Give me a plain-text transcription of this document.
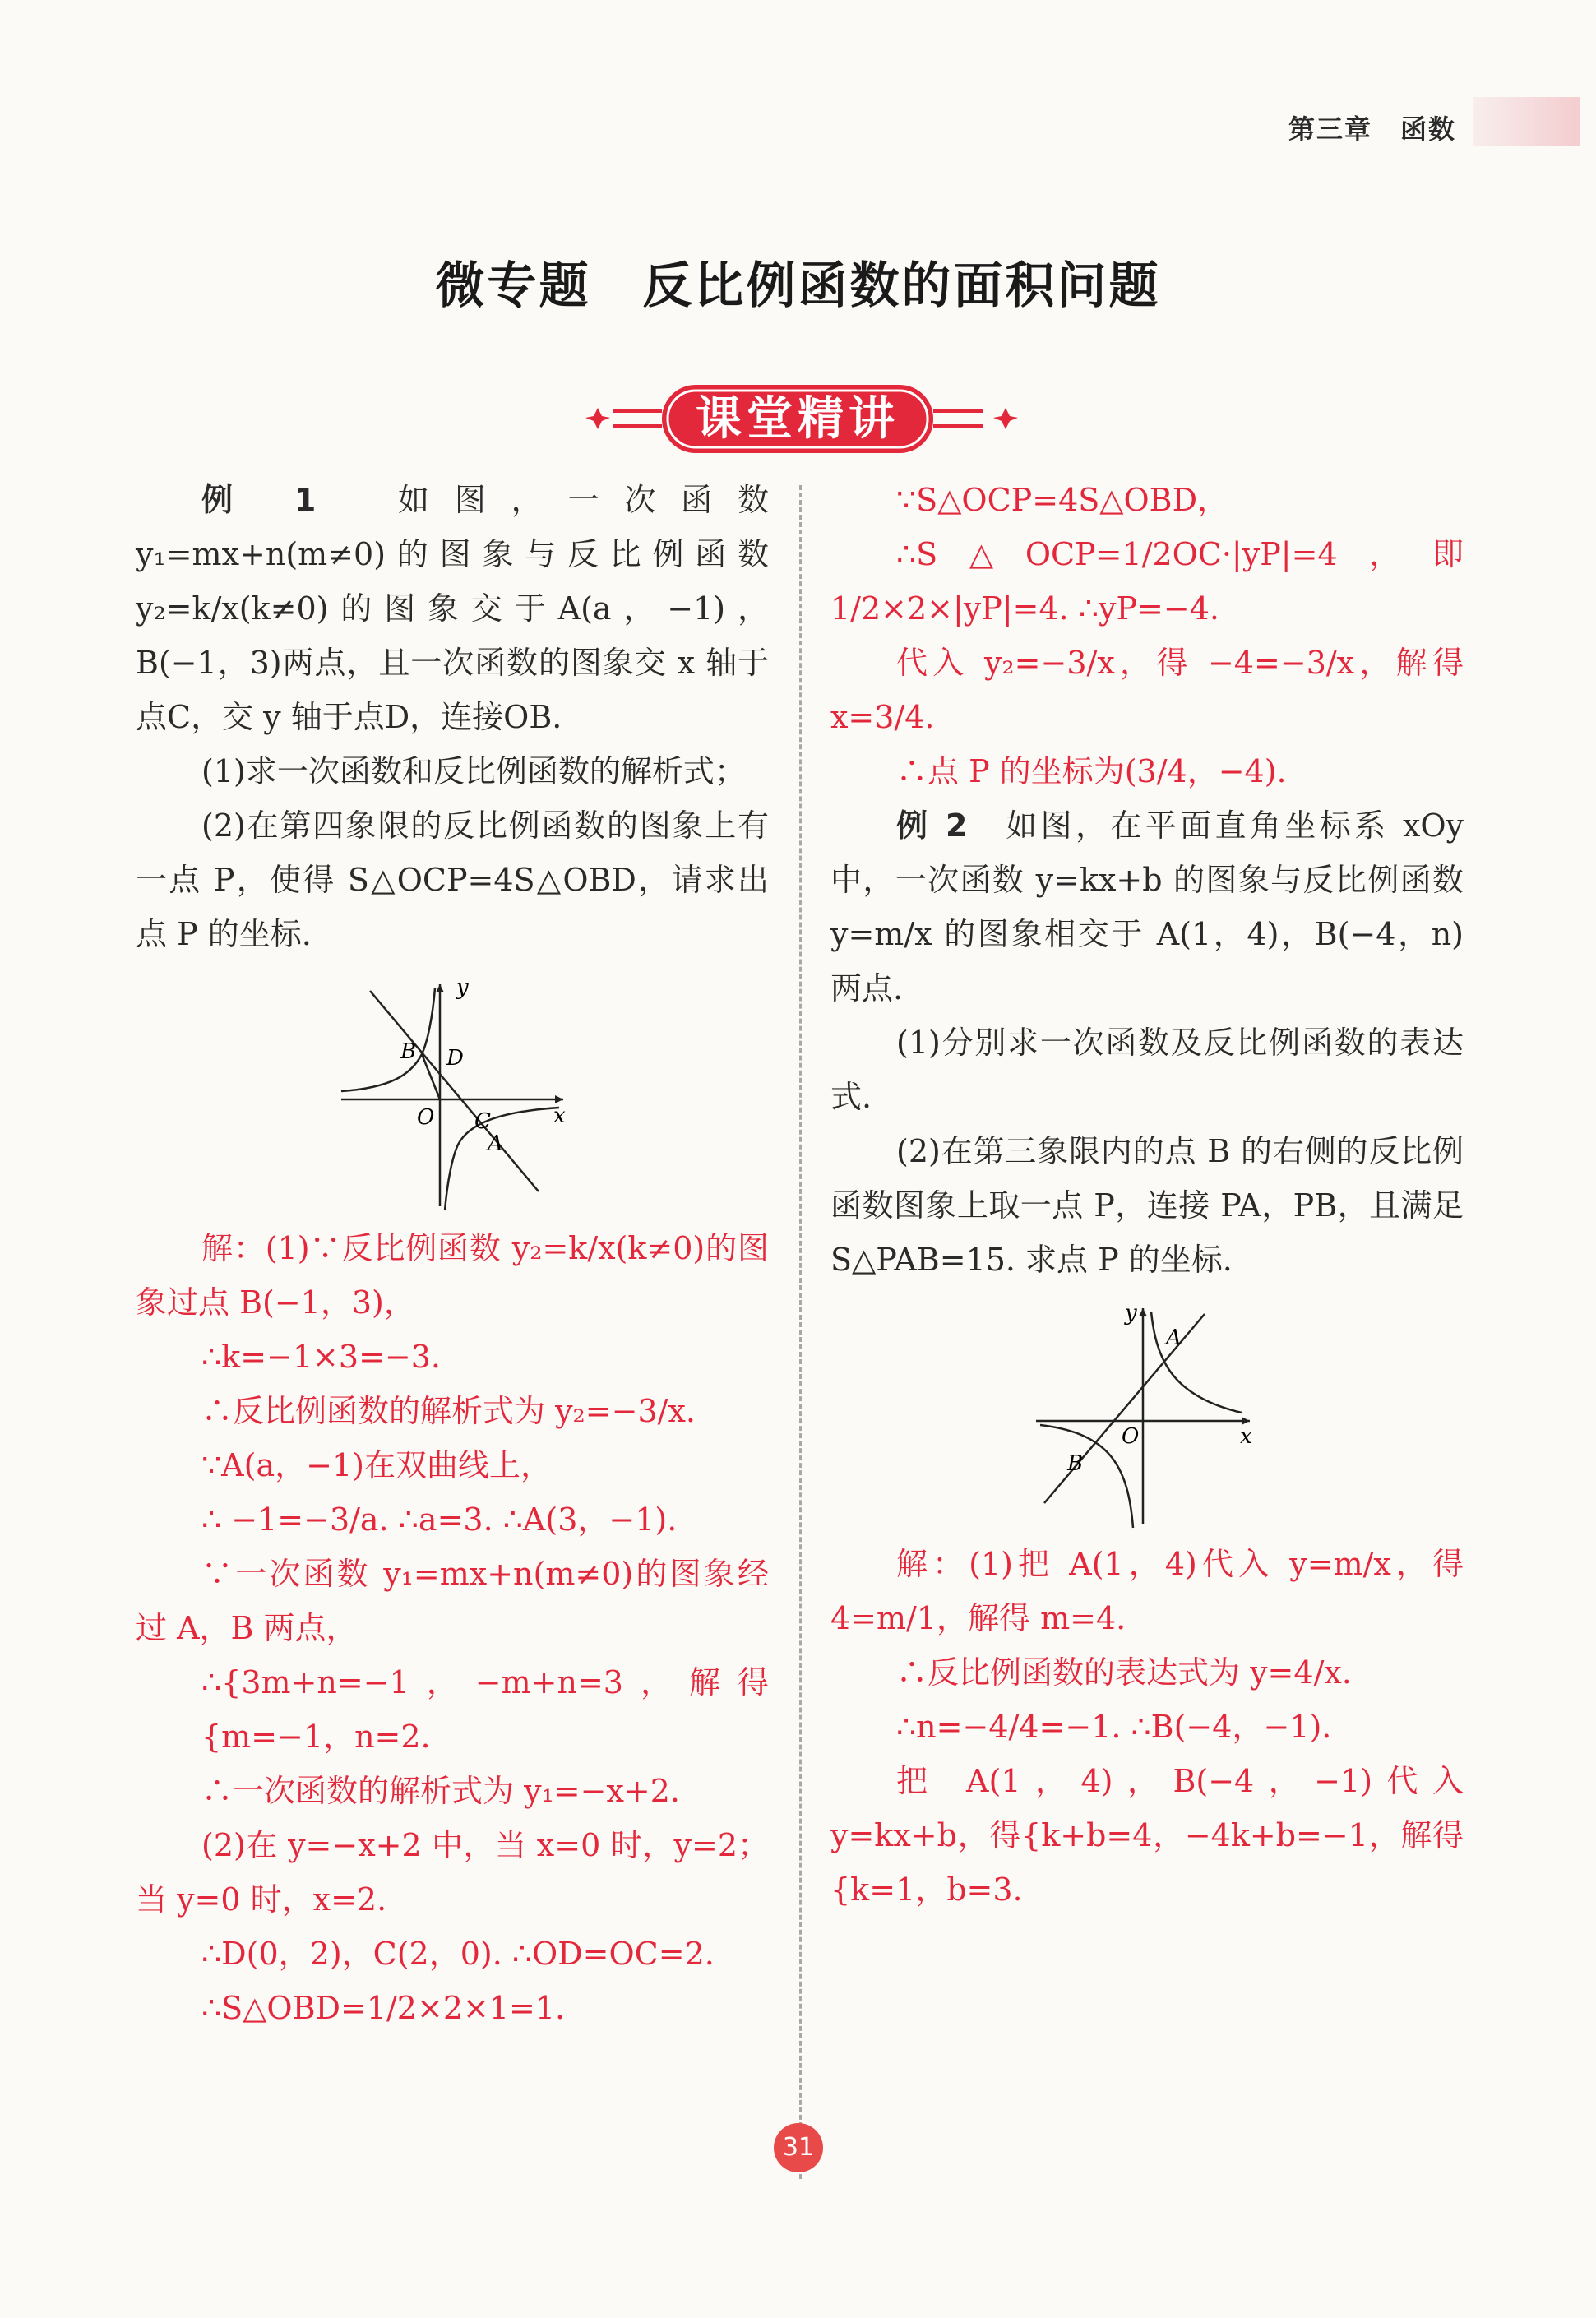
第三章　函数
微专题　反比例函数的面积问题
课堂精讲

例 1　	如图，一次函数 y₁=mx+n(m≠0)的图象与反比例函数 y₂=k/x(k≠0)的图象交于A(a，−1)，B(−1，3)两点，且一次函数的图象交 x 轴于点C，交 y 轴于点D，连接OB.

(1)求一次函数和反比例函数的解析式；

(2)在第四象限的反比例函数的图象上有一点 P，使得 S△OCP=4S△OBD，请求出点 P 的坐标.

y
x
O
B D
C
A

解：(1)∵反比例函数 y₂=k/x(k≠0)的图象过点 B(−1，3)，

∴k=−1×3=−3.

∴反比例函数的解析式为 y₂=−3/x.

∵A(a，−1)在双曲线上，

∴ −1=−3/a. ∴a=3. ∴A(3，−1).

∵一次函数 y₁=mx+n(m≠0)的图象经过 A，B 两点，

∴{3m+n=−1，−m+n=3，解得{m=−1，n=2.

∴一次函数的解析式为 y₁=−x+2.

(2)在 y=−x+2 中，当 x=0 时，y=2；当 y=0 时，x=2.

∴D(0，2)，C(2，0). ∴OD=OC=2.

∴S△OBD=1/2×2×1=1.

∵S△OCP=4S△OBD，

∴S△OCP=1/2OC·|yP|=4，即1/2×2×|yP|=4. ∴yP=−4.

代入 y₂=−3/x，得 −4=−3/x，解得 x=3/4.

∴点 P 的坐标为(3/4，−4).

例 2　 如图，在平面直角坐标系 xOy 中，一次函数 y=kx+b 的图象与反比例函数 y=m/x 的图象相交于 A(1，4)，B(−4，n)两点.

(1)分别求一次函数及反比例函数的表达式.

(2)在第三象限内的点 B 的右侧的反比例函数图象上取一点 P，连接 PA，PB，且满足 S△PAB=15. 求点 P 的坐标.

y
x
O
A
B

解：(1)把 A(1，4)代入 y=m/x，得 4=m/1，解得 m=4.

∴反比例函数的表达式为 y=4/x.

∴n=−4/4=−1. ∴B(−4，−1).

把 A(1，4)，B(−4，−1)代入 y=kx+b，得{k+b=4，−4k+b=−1，解得{k=1，b=3.

31
